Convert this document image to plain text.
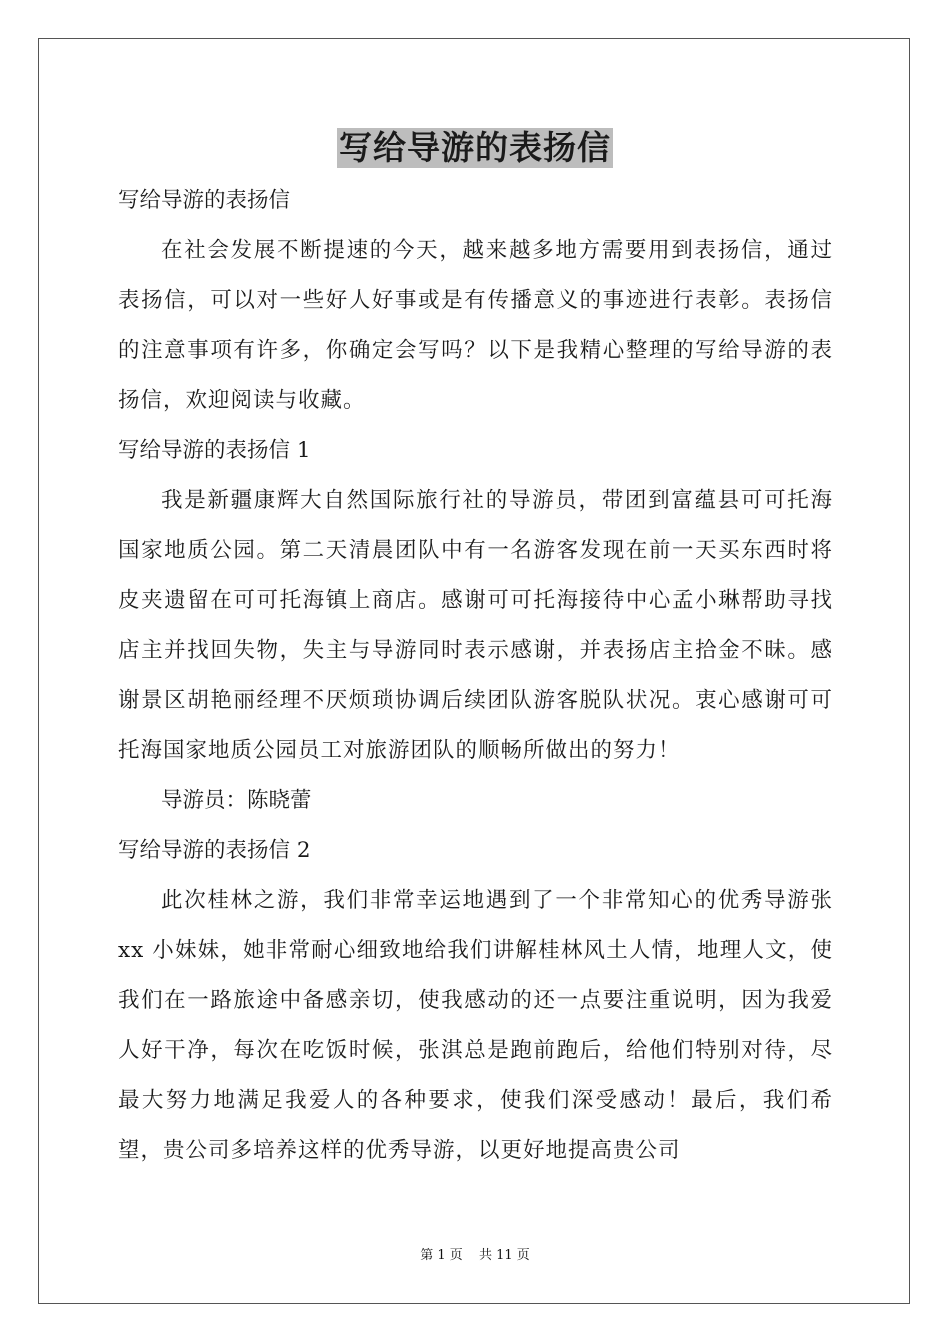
写给导游的表扬信

写给导游的表扬信

在社会发展不断提速的今天，越来越多地方需要用到表扬信，通过表扬信，可以对一些好人好事或是有传播意义的事迹进行表彰。表扬信的注意事项有许多，你确定会写吗？以下是我精心整理的写给导游的表扬信，欢迎阅读与收藏。

写给导游的表扬信 1

我是新疆康辉大自然国际旅行社的导游员，带团到富蕴县可可托海国家地质公园。第二天清晨团队中有一名游客发现在前一天买东西时将皮夹遗留在可可托海镇上商店。感谢可可托海接待中心孟小琳帮助寻找店主并找回失物，失主与导游同时表示感谢，并表扬店主拾金不昧。感谢景区胡艳丽经理不厌烦琐协调后续团队游客脱队状况。衷心感谢可可托海国家地质公园员工对旅游团队的顺畅所做出的努力！

导游员：陈晓蕾

写给导游的表扬信 2

此次桂林之游，我们非常幸运地遇到了一个非常知心的优秀导游张 xx 小妹妹，她非常耐心细致地给我们讲解桂林风土人情，地理人文，使我们在一路旅途中备感亲切，使我感动的还一点要注重说明，因为我爱人好干净，每次在吃饭时候，张淇总是跑前跑后，给他们特别对待，尽最大努力地满足我爱人的各种要求，使我们深受感动！最后，我们希望，贵公司多培养这样的优秀导游，以更好地提高贵公司

第 1 页 共 11 页
